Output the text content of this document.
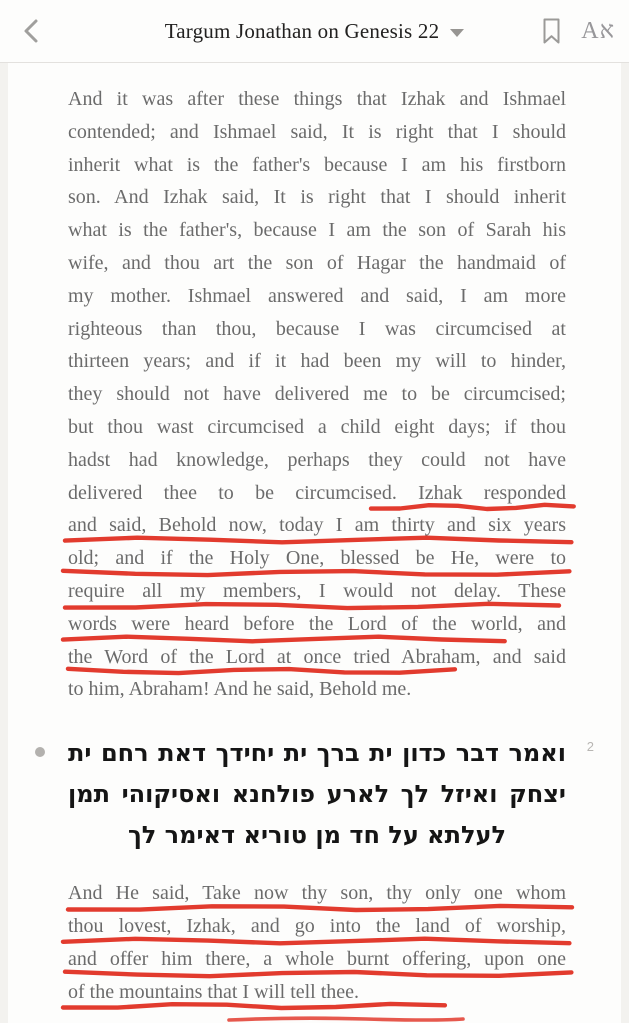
Targum Jonathan on Genesis 22	Aא
And it was after these things that Izhak and Ishmael
contended; and Ishmael said, It is right that I should
inherit what is the father's because I am his firstborn
son. And Izhak said, It is right that I should inherit
what is the father's, because I am the son of Sarah his
wife, and thou art the son of Hagar the handmaid of
my mother. Ishmael answered and said, I am more
righteous than thou, because I was circumcised at
thirteen years; and if it had been my will to hinder,
they should not have delivered me to be circumcised;
but thou wast circumcised a child eight days; if thou
hadst had knowledge, perhaps they could not have
delivered thee to be circumcised. Izhak responded
and said, Behold now, today I am thirty and six years
old; and if the Holy One, blessed be He, were to
require all my members, I would not delay. These
words were heard before the Lord of the world, and
the Word of the Lord at once tried Abraham, and said
to him, Abraham! And he said, Behold me.
2
ואמר דבר כדון ית ברך ית יחידך דאת רחם ית
יצחק ואיזל לך לארע פולחנא ואסיקוהי תמן
לעלתא על חד מן טוריא דאימר לך
And He said, Take now thy son, thy only one whom
thou lovest, Izhak, and go into the land of worship,
and offer him there, a whole burnt offering, upon one
of the mountains that I will tell thee.
